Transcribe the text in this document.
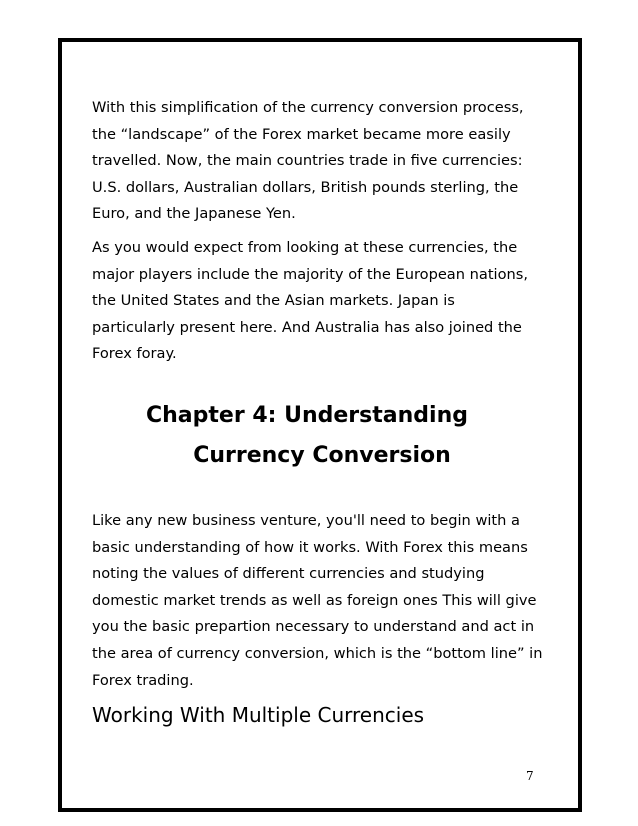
With this simplification of the currency conversion process,
the “landscape” of the Forex market became more easily
travelled. Now, the main countries trade in five currencies:
U.S. dollars, Australian dollars, British pounds sterling, the
Euro, and the Japanese Yen.

As you would expect from looking at these currencies, the
major players include the majority of the European nations,
the United States and the Asian markets. Japan is
particularly present here. And Australia has also joined the
Forex foray.

Chapter 4: Understanding
Currency Conversion

Like any new business venture, you'll need to begin with a
basic understanding of how it works. With Forex this means
noting the values of different currencies and studying
domestic market trends as well as foreign ones This will give
you the basic prepartion necessary to understand and act in
the area of currency conversion, which is the “bottom line” in
Forex trading.

Working With Multiple Currencies
7
